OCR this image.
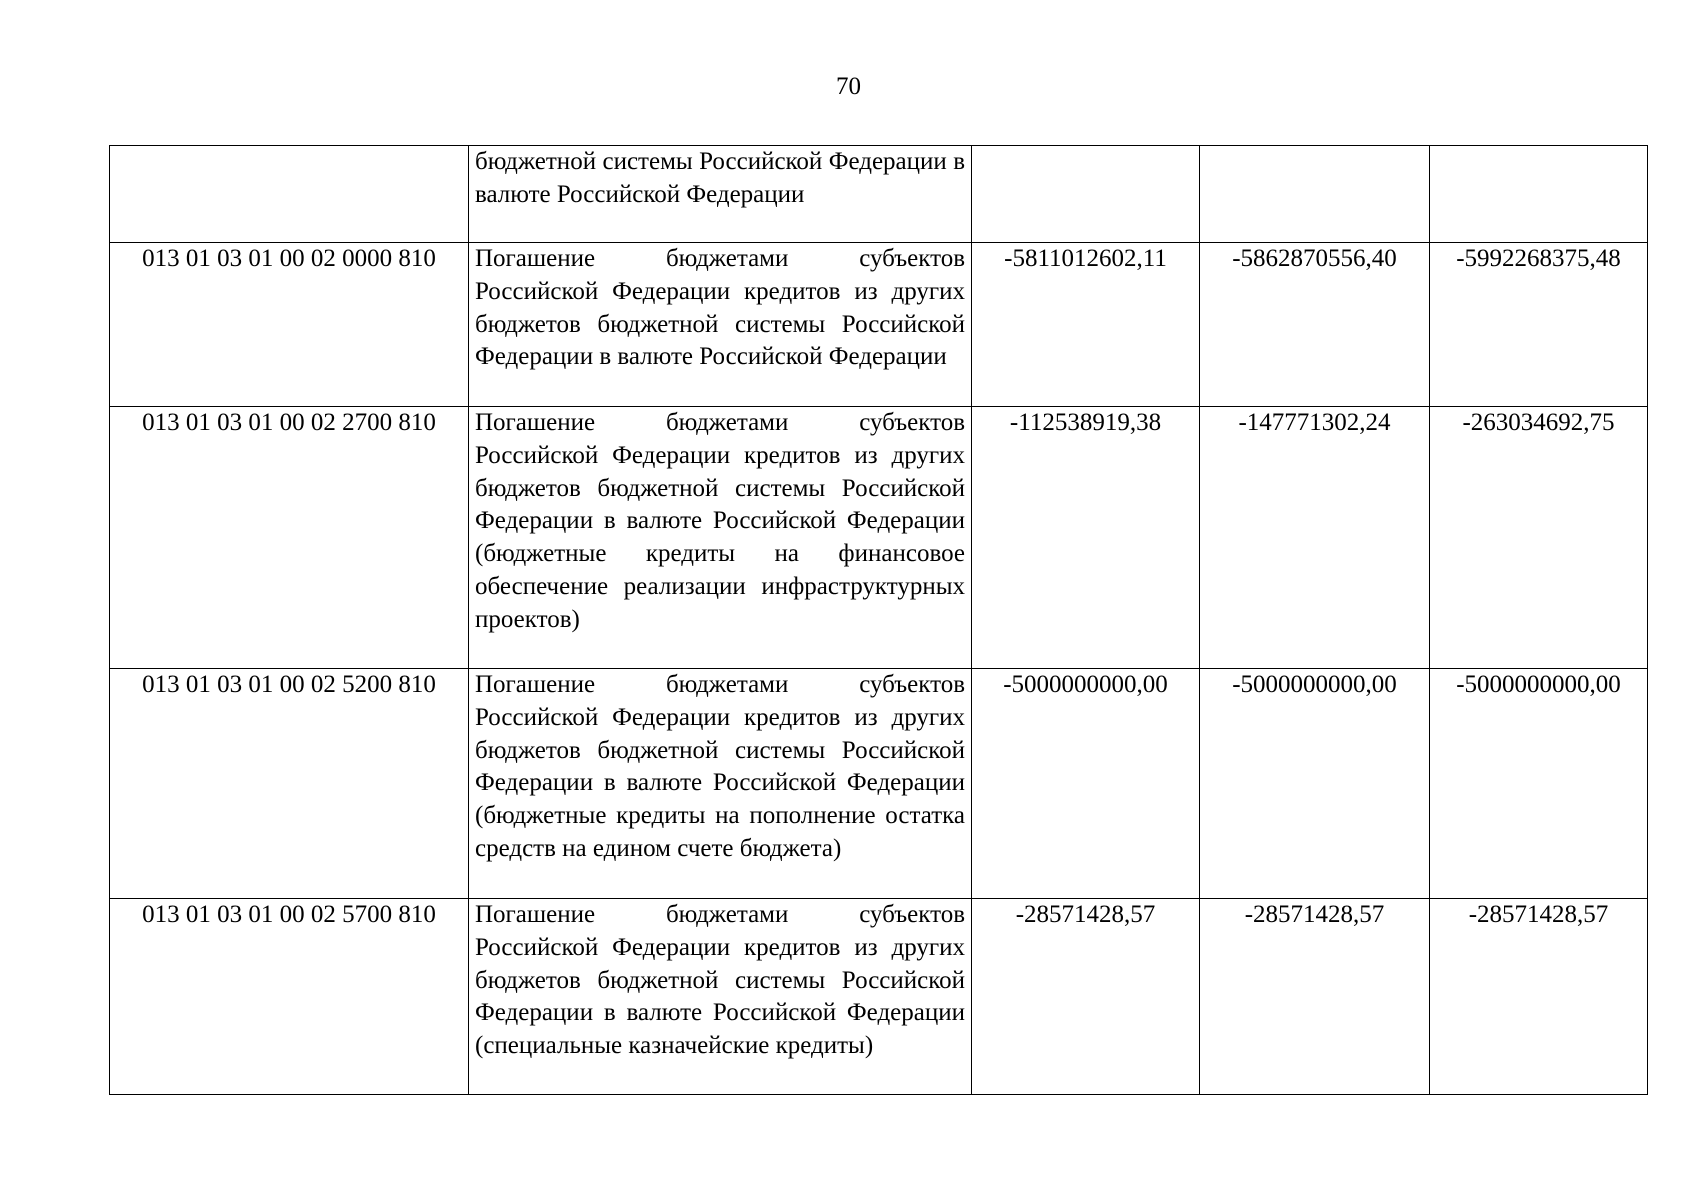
70
	бюджетной системы Российской Федерации в валюте Российской Федерации			
013 01 03 01 00 02 0000 810	Погашение бюджетами субъектов Российской Федерации кредитов из других бюджетов бюджетной системы Российской Федерации в валюте Российской Федерации	-5811012602,11	-5862870556,40	-5992268375,48
013 01 03 01 00 02 2700 810	Погашение бюджетами субъектов Российской Федерации кредитов из других бюджетов бюджетной системы Российской Федерации в валюте Российской Федерации (бюджетные кредиты на финансовое обеспечение реализации инфраструктурных проектов)	-112538919,38	-147771302,24	-263034692,75
013 01 03 01 00 02 5200 810	Погашение бюджетами субъектов Российской Федерации кредитов из других бюджетов бюджетной системы Российской Федерации в валюте Российской Федерации (бюджетные кредиты на пополнение остатка средств на едином счете бюджета)	-5000000000,00	-5000000000,00	-5000000000,00
013 01 03 01 00 02 5700 810	Погашение бюджетами субъектов Российской Федерации кредитов из других бюджетов бюджетной системы Российской Федерации в валюте Российской Федерации (специальные казначейские кредиты)	-28571428,57	-28571428,57	-28571428,57
